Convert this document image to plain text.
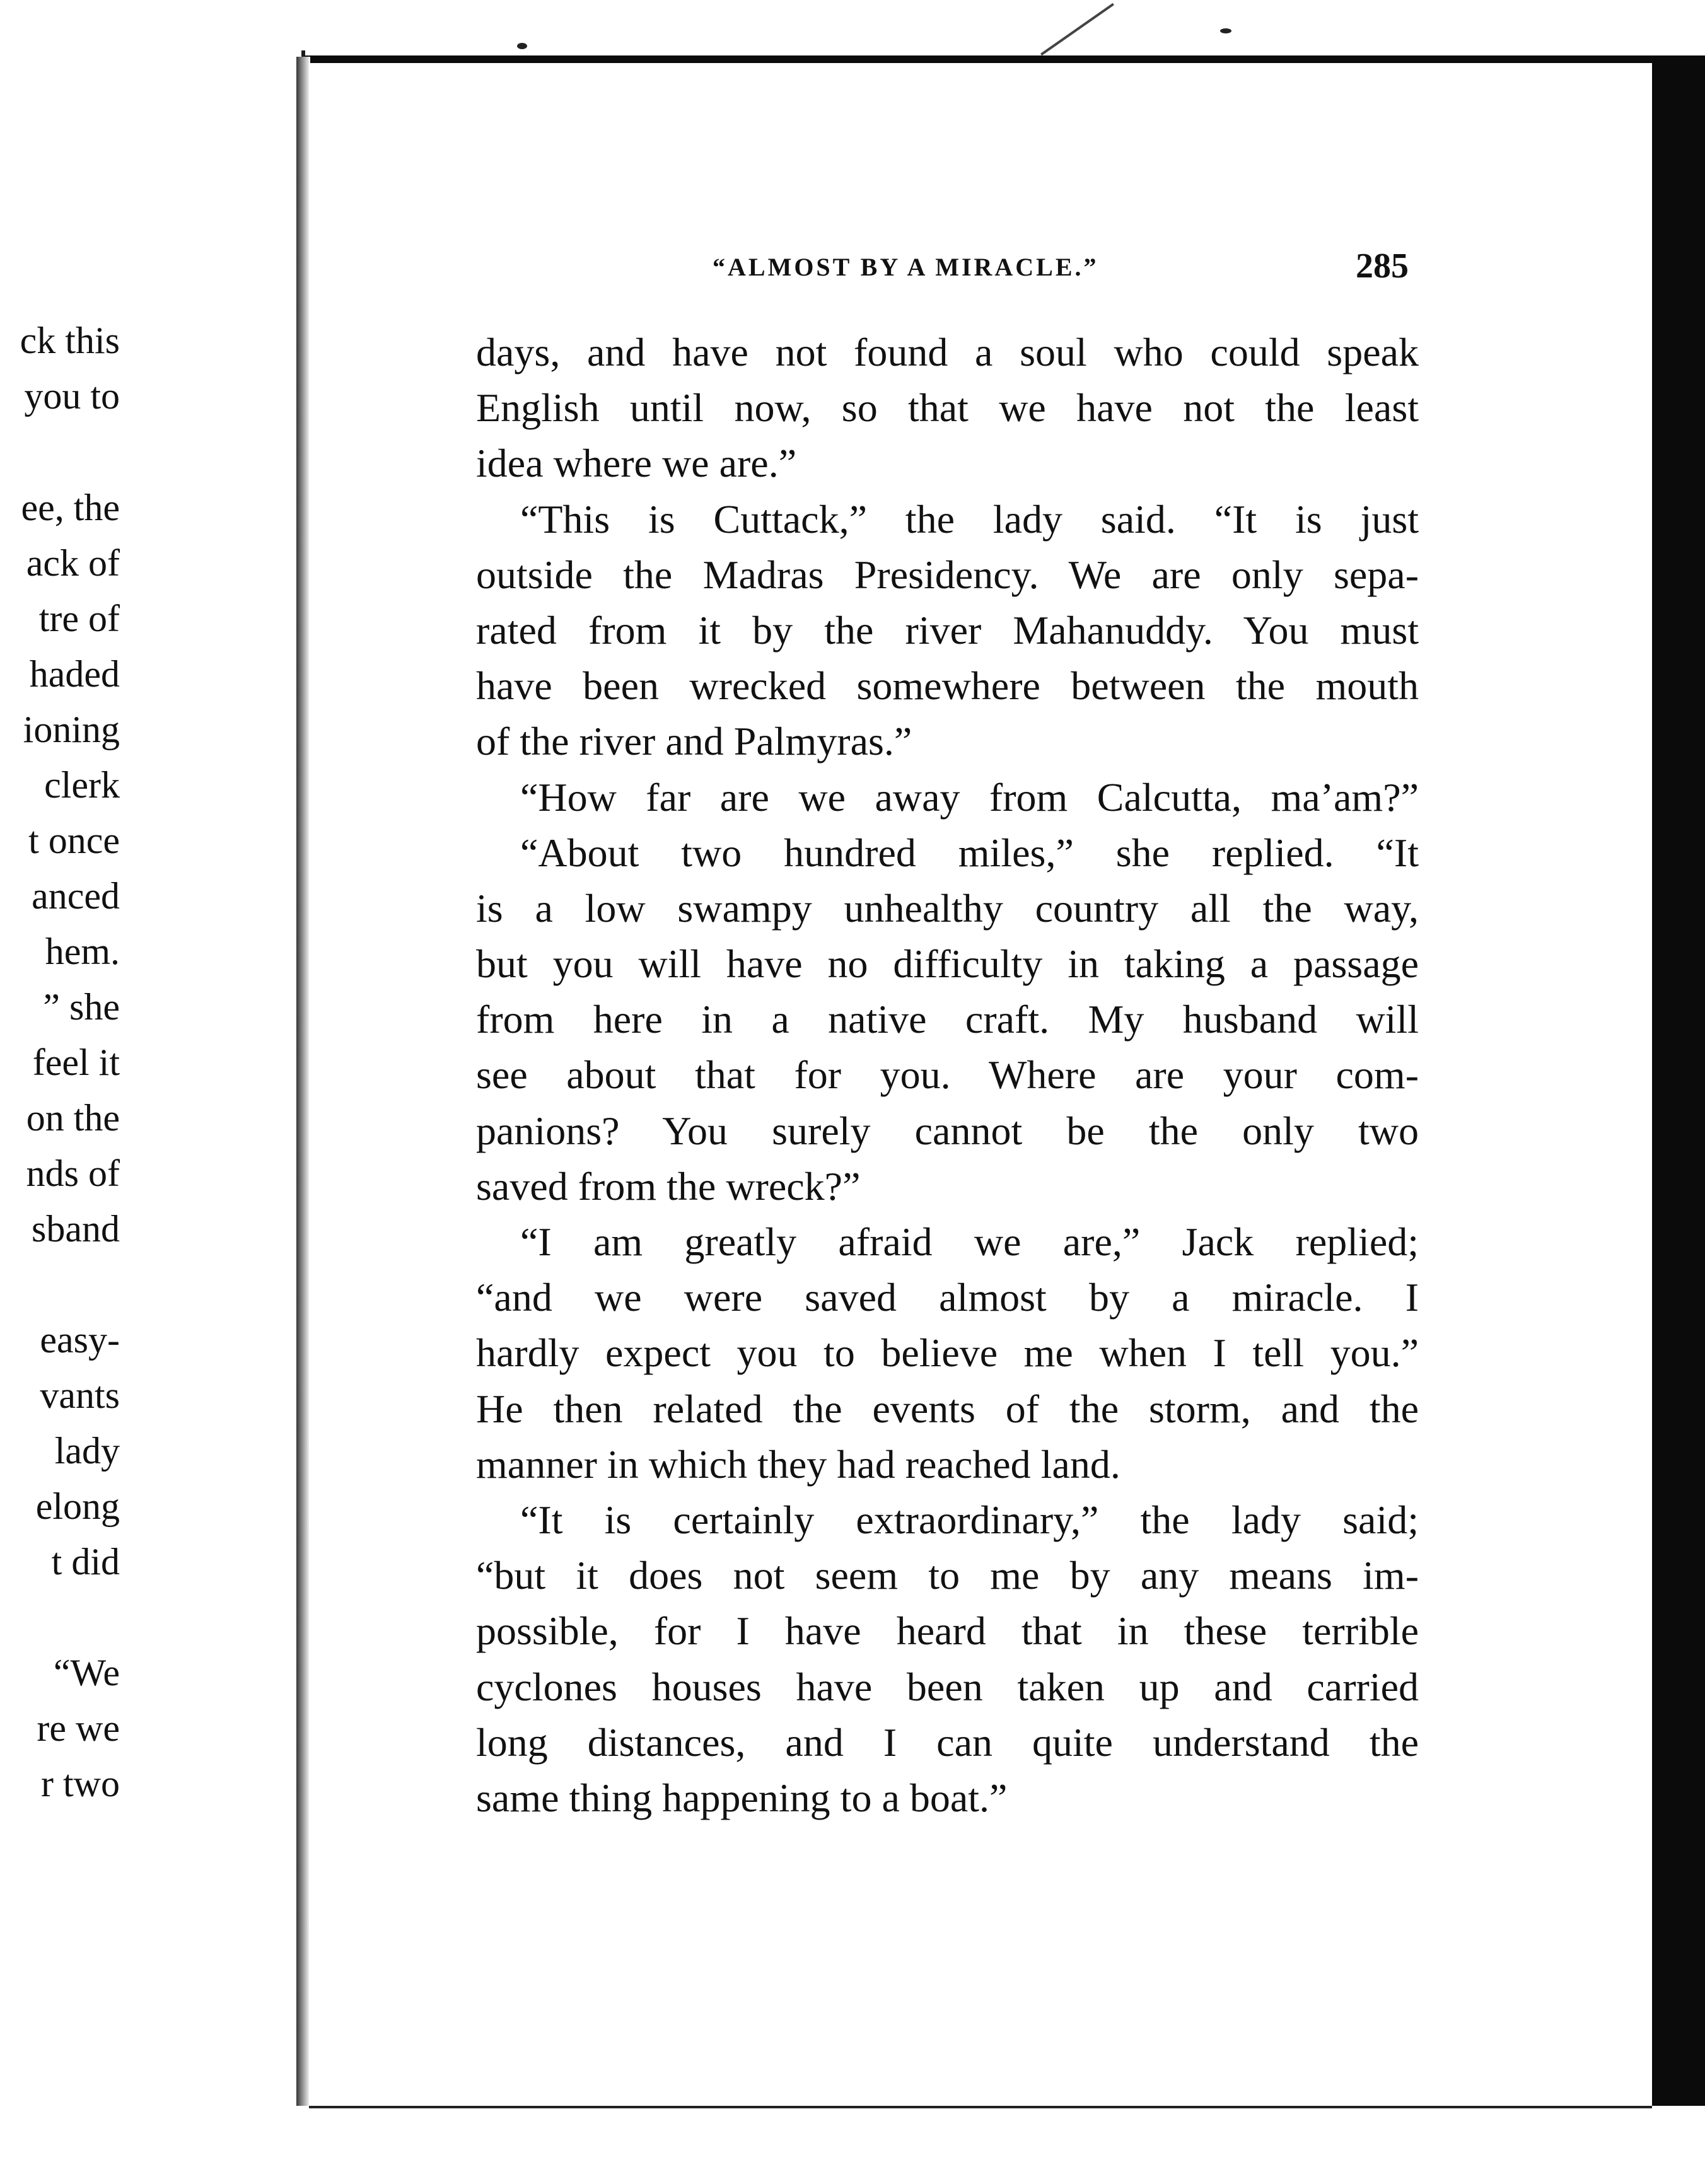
ck this
you to
ee, the
ack of
tre of
haded
ioning
clerk
t once
anced
hem.
” she
feel it
on the
nds of
sband
easy-
vants
lady
elong
t did
“We
re we
r two
“ALMOST BY A MIRACLE.”	285
days, and have not found a soul who could speak
English until now, so that we have not the least
idea where we are.”
“This is Cuttack,” the lady said. “It is just
outside the Madras Presidency. We are only sepa-
rated from it by the river Mahanuddy. You must
have been wrecked somewhere between the mouth
of the river and Palmyras.”
“How far are we away from Calcutta, ma’am?”
“About two hundred miles,” she replied. “It
is a low swampy unhealthy country all the way,
but you will have no difficulty in taking a passage
from here in a native craft. My husband will
see about that for you. Where are your com-
panions? You surely cannot be the only two
saved from the wreck?”
“I am greatly afraid we are,” Jack replied;
“and we were saved almost by a miracle. I
hardly expect you to believe me when I tell you.”
He then related the events of the storm, and the
manner in which they had reached land.
“It is certainly extraordinary,” the lady said;
“but it does not seem to me by any means im-
possible, for I have heard that in these terrible
cyclones houses have been taken up and carried
long distances, and I can quite understand the
same thing happening to a boat.”
